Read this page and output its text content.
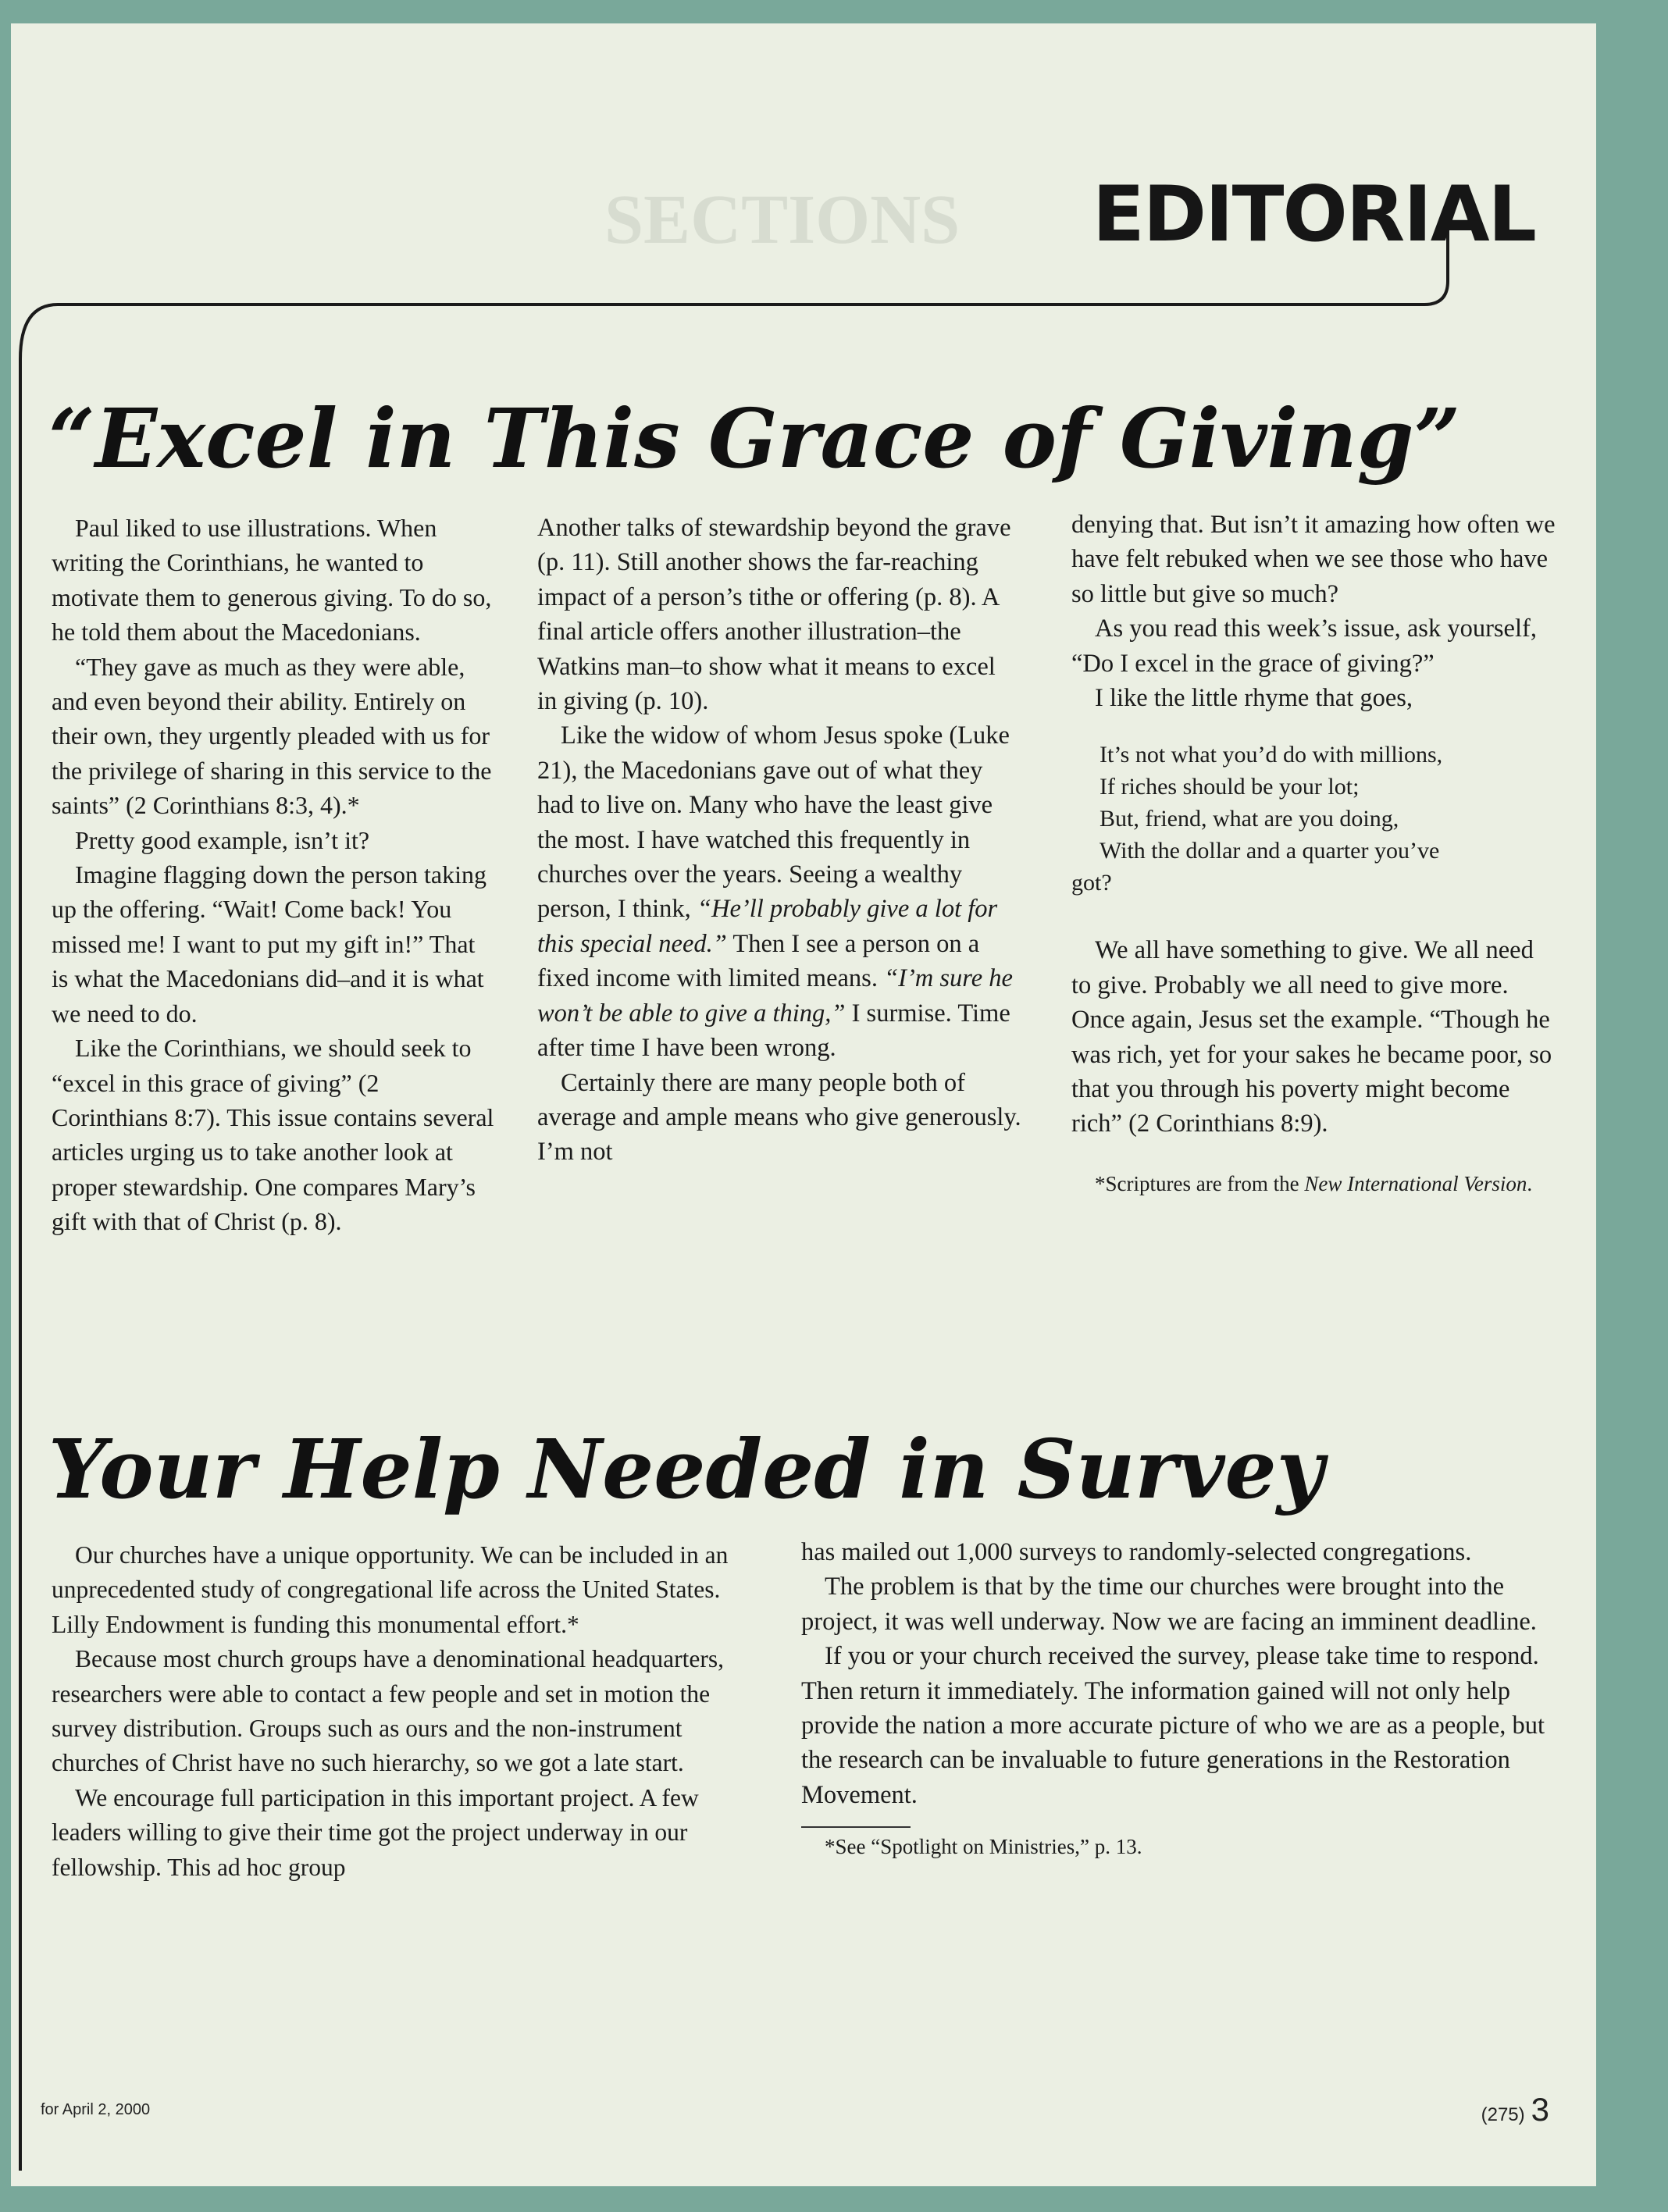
SECTIONS EDITORIAL
“Excel in This Grace of Giving”

Paul liked to use illustrations. When writing the Corinthians, he wanted to motivate them to generous giving. To do so, he told them about the Macedonians.

“They gave as much as they were able, and even beyond their ability. Entirely on their own, they urgently pleaded with us for the privilege of sharing in this service to the saints” (2 Corinthians 8:3, 4).*

Pretty good example, isn’t it?

Imagine flagging down the person taking up the offering. “Wait! Come back! You missed me! I want to put my gift in!” That is what the Macedonians did–and it is what we need to do.

Like the Corinthians, we should seek to “excel in this grace of giving” (2 Corinthians 8:7). This issue contains several articles urging us to take another look at proper stewardship. One compares Mary’s gift with that of Christ (p. 8).

Another talks of stewardship beyond the grave (p. 11). Still another shows the far-reaching impact of a person’s tithe or offering (p. 8). A final article offers another illustration–the Watkins man–to show what it means to excel in giving (p. 10).

Like the widow of whom Jesus spoke (Luke 21), the Macedonians gave out of what they had to live on. Many who have the least give the most. I have watched this frequently in churches over the years. Seeing a wealthy person, I think, “He’ll probably give a lot for this special need.” Then I see a person on a fixed income with limited means. “I’m sure he won’t be able to give a thing,” I surmise. Time after time I have been wrong.

Certainly there are many people both of average and ample means who give generously. I’m not

denying that. But isn’t it amazing how often we have felt rebuked when we see those who have so little but give so much?

As you read this week’s issue, ask yourself, “Do I excel in the grace of giving?”

I like the little rhyme that goes,

It’s not what you’d do with millions,
If riches should be your lot;
But, friend, what are you doing,
With the dollar and a quarter you’ve
got?

We all have something to give. We all need to give. Probably we all need to give more. Once again, Jesus set the example. “Though he was rich, yet for your sakes he became poor, so that you through his poverty might become rich” (2 Corinthians 8:9).

*Scriptures are from the New International Version.

Your Help Needed in Survey

Our churches have a unique opportunity. We can be included in an unprecedented study of congregational life across the United States. Lilly Endowment is funding this monumental effort.*

Because most church groups have a denominational headquarters, researchers were able to contact a few people and set in motion the survey distribution. Groups such as ours and the non-instrument churches of Christ have no such hierarchy, so we got a late start.

We encourage full participation in this important project. A few leaders willing to give their time got the project underway in our fellowship. This ad hoc group

has mailed out 1,000 surveys to randomly-selected congregations.

The problem is that by the time our churches were brought into the project, it was well underway. Now we are facing an imminent deadline.

If you or your church received the survey, please take time to respond. Then return it immediately. The information gained will not only help provide the nation a more accurate picture of who we are as a people, but the research can be invaluable to future generations in the Restoration Movement.

*See “Spotlight on Ministries,” p. 13.

for April 2, 2000	(275) 3
